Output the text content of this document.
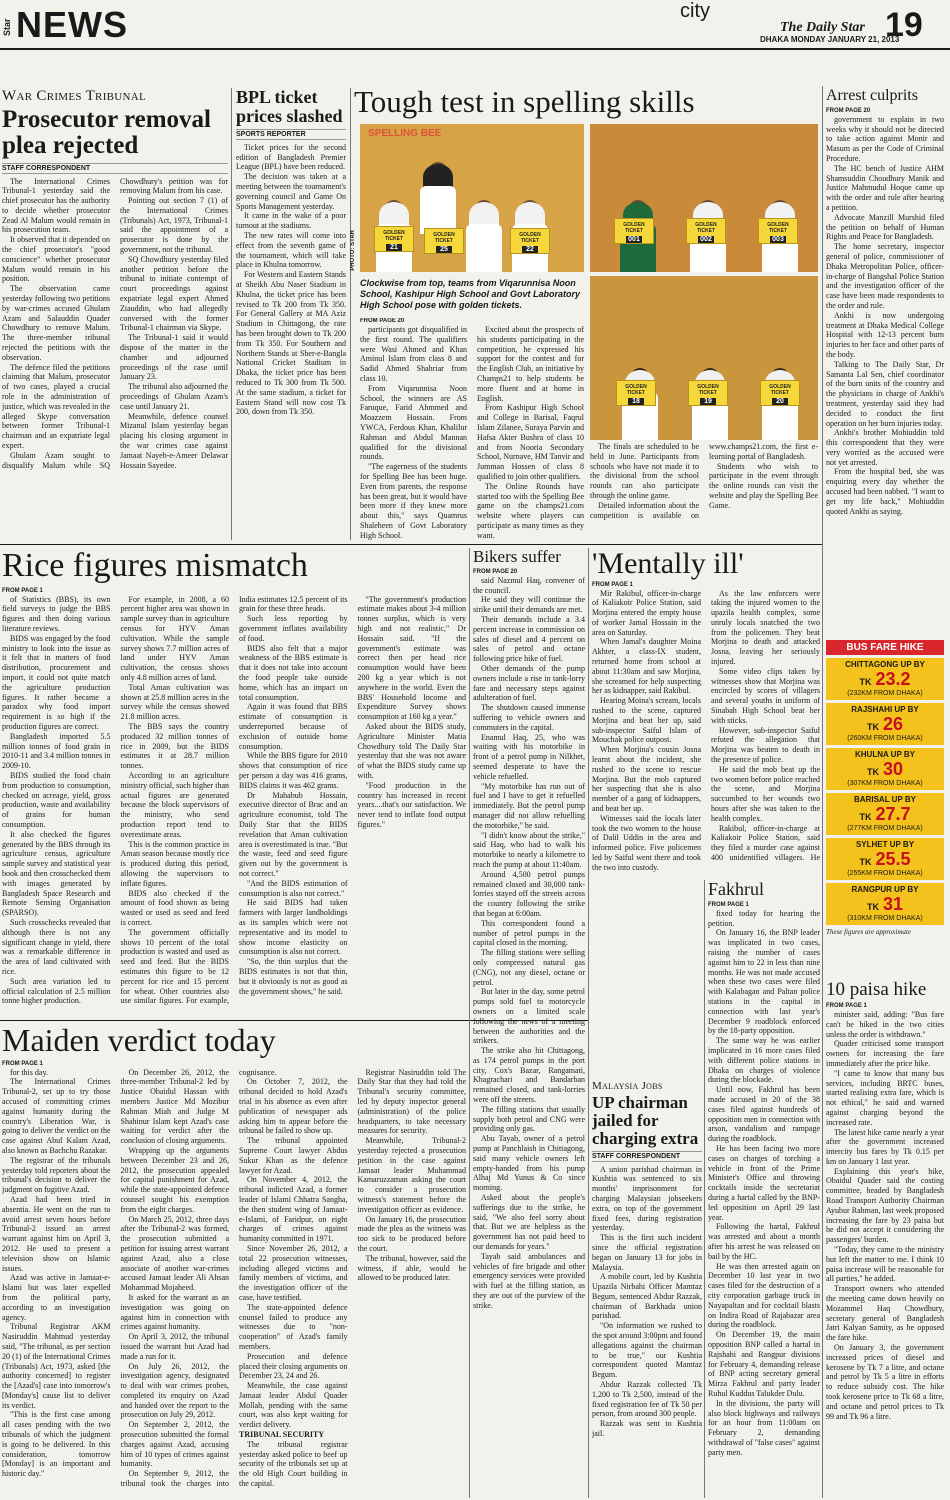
Star NEWS	city
The Daily Star
DHAKA MONDAY JANUARY 21, 2013
19
War Crimes Tribunal
Prosecutor removal plea rejected
STAFF CORRESPONDENT

The International Crimes Tribunal-1 yesterday said the chief prosecutor has the authority to decide whether prosecutor Zead Al Malum would remain in his prosecution team.

It observed that it depended on the chief prosecutor's "good conscience" whether prosecutor Malum would remain in his position.

The observation came yesterday following two petitions by war-crimes accused Ghulam Azam and Salauddin Quader Chowdhury to remove Malum. The three-member tribunal rejected the petitions with the observation.

The defence filed the petitions claiming that Malum, prosecutor of two cases, played a crucial role in the administration of justice, which was revealed in the alleged Skype conversation between former Tribunal-1 chairman and an expatriate legal expert.

Ghulam Azam sought to disqualify Malum while SQ Chowdhury's petition was for removing Malum from his case.

Pointing out section 7 (1) of the International Crimes (Tribunals) Act, 1973, Tribunal-1 said the appointment of a prosecutor is done by the government, not the tribunal.

SQ Chowdhury yesterday filed another petition before the tribunal to initiate contempt of court proceedings against expatriate legal expert Ahmed Ziauddin, who had allegedly conversed with the former Tribunal-1 chairman via Skype.

The Tribunal-1 said it would dispose of the matter in the chamber and adjourned proceedings of the case until January 23.

The tribunal also adjourned the proceedings of Ghulam Azam's case until January 21.

Meanwhile, defence counsel Mizanul Islam yesterday began placing his closing argument in the war crimes case against Jamaat Nayeb-e-Ameer Delawar Hossain Sayedee.

BPL ticket prices slashed
SPORTS REPORTER

Ticket prices for the second edition of Bangladesh Premier League (BPL) have been reduced.

The decision was taken at a meeting between the tournament's governing council and Game On Sports Management yesterday.

It came in the wake of a poor turnout at the stadiums.

The new rates will come into effect from the seventh game of the tournament, which will take place in Khulna tomorrow.

For Western and Eastern Stands at Sheikh Abu Naser Stadium in Khulna, the ticket price has been revised to Tk 200 from Tk 350. For General Gallery at MA Aziz Stadium in Chittagong, the rate has been brought down to Tk 200 from Tk 350. For Southern and Northern Stands at Sher-e-Bangla National Cricket Stadium in Dhaka, the ticket price has been reduced to Tk 300 from Tk 500. At the same stadium, a ticket for Eastern Stand will now cost Tk 200, down from Tk 350.

Tough test in spelling skills
SPELLING BEE
GOLDEN TICKET
21
GOLDEN TICKET
25
GOLDEN TICKET
22
PHOTO: STAR
GOLDEN TICKET
001
GOLDEN TICKET
002
GOLDEN TICKET
003
GOLDEN TICKET
18
GOLDEN TICKET
19
GOLDEN TICKET
20
Clockwise from top, teams from Viqarunnisa Noon School, Kashipur High School and Govt Laboratory High School pose with golden tickets.
FROM PAGE 20

participants got disqualified in the first round. The qualifiers were Wasi Ahmed and Khan Aminul Islam from class 8 and Sadid Ahmed Shahriar from class 10.

From Viqarunnisa Noon School, the winners are AS Faruque, Farid Ahmmed and Moazzem Hossain. From YWCA, Ferdous Khan, Khalilur Rahman and Abdul Mannan qualified for the divisional rounds.

"The eagerness of the students for Spelling Bee has been huge. Even from parents, the response has been great, but it would have been more if they knew more about this," says Quamrus Shaleheen of Govt Laboratory High School.

Excited about the prospects of his students participating in the competition, he expressed his support for the contest and for the English Club, an initiative by Champs21 to help students be more fluent and at home in English.

From Kashipur High School and College in Barisal, Faqrul Islam Zilanee, Suraya Parvin and Hafsa Akter Bushra of class 10 and from Nooria Secondary School, Nurnave, HM Tanvir and Jumman Hossen of class 8 qualified to join other qualifiers.

The Online Rounds have started too with the Spelling Bee game on the champs21.com website where players can participate as many times as they want.

The finals are scheduled to be held in June. Participants from schools who have not made it to the divisional from the school rounds can also participate through the online game.

Detailed information about the competition is available on www.champs21.com, the first e-learning portal of Bangladesh.

Students who wish to participate in the event through the online rounds can visit the website and play the Spelling Bee Game.

Arrest culprits
FROM PAGE 20

government to explain in two weeks why it should not be directed to take action against Monir and Masum as per the Code of Criminal Procedure.

The HC bench of Justice AHM Shamsuddin Choudhury Manik and Justice Mahmudul Hoque came up with the order and rule after hearing a petition.

Advocate Manzill Murshid filed the petition on behalf of Human Rights and Peace for Bangladesh.

The home secretary, inspector general of police, commissioner of Dhaka Metropolitan Police, officer-in-charge of Bangshal Police Station and the investigation officer of the case have been made respondents to the order and rule.

Ankhi is now undergoing treatment at Dhaka Medical College Hospital with 12-13 percent burn injuries to her face and other parts of the body.

Talking to The Daily Star, Dr Samanta Lal Sen, chief coordinator of the burn units of the country and the physicians in charge of Ankhi's treatment, yesterday said they had decided to conduct the first operation on her burn injuries today.

Ankhi's brother Mohiuddin told this correspondent that they were very worried as the accused were not yet arrested.

From the hospital bed, she was enquiring every day whether the accused had been nabbed. "I want to get my life back," Mohiuddin quoted Ankhi as saying.

BUS FARE HIKE
CHITTAGONG UP BY
TK 23.2
(232KM FROM DHAKA)
RAJSHAHI UP BY
TK 26
(260KM FROM DHAKA)
KHULNA UP BY
TK 30
(307KM FROM DHAKA)
BARISAL UP BY
TK 27.7
(277KM FROM DHAKA)
SYLHET UP BY
TK 25.5
(255KM FROM DHAKA)
RANGPUR UP BY
TK 31
(310KM FROM DHAKA)
These figures are approximate
10 paisa hike
FROM PAGE 1

minister said, adding: "Bus fare can't be hiked in the two cities unless the order is withdrawn."

Quader criticised some transport owners for increasing the fare immediately after the price hike.

"I came to know that many bus services, including BRTC buses, started realising extra fare, which is not ethical," he said and warned against charging beyond the increased rate.

The latest hike came nearly a year after the government increased intercity bus fares by Tk 0.15 per km on January 1 last year.

Explaining this year's hike, Obaidul Quader said the costing committee, headed by Bangladesh Road Transport Authority Chairman Ayubur Rahman, last week proposed increasing the fare by 23 paisa but he did not accept it considering the passengers' burden.

"Today, they came to the ministry but left the matter to me. I think 10 paisa increase will be reasonable for all parties," he added.

Transport owners who attended the meeting came down heavily on Mozammel Haq Chowdhury, secretary general of Bangladesh Jatri Kalyan Samity, as he opposed the fare hike.

On January 3, the government increased prices of diesel and kerosene by Tk 7 a litre, and octane and petrol by Tk 5 a litre in efforts to reduce subsidy cost. The hike took kerosene price to Tk 68 a litre, and octane and petrol prices to Tk 99 and Tk 96 a litre.

Rice figures mismatch
FROM PAGE 1

of Statistics (BBS), its own field surveys to judge the BBS figures and then doing various literature reviews.

BIDS was engaged by the food ministry to look into the issue as it felt that in matters of food distribution, procurement and import, it could not quite match the agriculture production figures. It rather became a paradox why food import requirement is so high if the production figures are correct.

Bangladesh imported 5.5 million tonnes of food grain in 2010-11 and 3.4 million tonnes in 2009-10.

BIDS studied the food chain from production to consumption, checked on acreage, yield, gross production, waste and availability of grains for human consumption.

It also checked the figures generated by the BBS through its agriculture census, agriculture sample survey and statistical year book and then crosschecked them with images generated by Bangladesh Space Research and Remote Sensing Organisation (SPARSO).

Such crosschecks revealed that although there is not any significant change in yield, there was a remarkable difference in the area of land cultivated with rice.

Such area variation led to official calculation of 2.5 million tonne higher production.

For example, in 2008, a 60 percent higher area was shown in sample survey than in agriculture census for HYV Aman cultivation. While the sample survey shows 7.7 million acres of land under HYV Aman cultivation, the census shows only 4.8 million acres of land.

Total Aman cultivation was shown at 25.8 million acres in the survey while the census showed 21.8 million acres.

The BBS says the country produced 32 million tonnes of rice in 2009, but the BIDS estimates it at 28.7 million tonnes.

According to an agriculture ministry official, such higher than actual figures are generated because the block supervisors of the ministry, who send production report tend to overestimate areas.

This is the common practice in Aman season because mostly rice is produced during this period, allowing the supervisors to inflate figures.

BIDS also checked if the amount of food shown as being wasted or used as seed and feed is correct.

The government officially shows 10 percent of the total production is wasted and used as seed and feed. But the BIDS estimates this figure to be 12 percent for rice and 15 percent for wheat. Other countries also use similar figures. For example, India estimates 12.5 percent of its grain for these three heads.

Such less reporting by government inflates availability of food.

BIDS also felt that a major weakness of the BBS estimate is that it does not take into account the food people take outside home, which has an impact on total consumption.

Again it was found that BBS estimate of consumption is underreported because of exclusion of outside home consumption.

While the BBS figure for 2010 shows that consumption of rice per person a day was 416 grams, BIDS claims it was 462 grams.

Dr Mahabub Hossain, executive director of Brac and an agriculture economist, told The Daily Star that the BIDS revelation that Aman cultivation area is overestimated is true. "But the waste, feed and seed figure given out by the government is not correct."

"And the BIDS estimation of consumption is also not correct."

He said BIDS had taken farmers with larger landholdings as its samples which were not representative and its model to show income elasticity on consumption is also not correct.

"So, the thin surplus that the BIDS estimates is not that thin, but it obviously is not as good as the government shows," he said.

"The government's production estimate makes about 3-4 million tonnes surplus, which is very high and not realistic," Dr Hossain said. "If the government's estimate was correct then per head rice consumption would have been 200 kg a year which is not anywhere in the world. Even the BBS' Household Income and Expenditure Survey shows consumption at 160 kg a year."

Asked about the BIDS study, Agriculture Minister Matia Chowdhury told The Daily Star yesterday that she was not aware of what the BIDS study came up with.

"Food production in the country has increased in recent years....that's our satisfaction. We never tend to inflate food output figures."

Bikers suffer
FROM PAGE 20

said Nazmul Haq, convener of the council.

He said they will continue the strike until their demands are met.

Their demands include a 3.4 percent increase in commission on sales of diesel and 4 percent on sales of petrol and octane following price hike of fuel.

Other demands of the pump owners include a rise in tank-lorry fare and necessary steps against adulteration of fuel.

The shutdown caused immense suffering to vehicle owners and commuters in the capital.

Enamul Haq, 25, who was waiting with his motorbike in front of a petrol pump in Nilkhet, seemed desperate to have the vehicle refuelled.

"My motorbike has run out of fuel and I have to get it refuelled immediately. But the petrol pump manager did not allow refuelling the motorbike," he said.

"I didn't know about the strike," said Haq, who had to walk his motorbike to nearly a kilometre to reach the pump at about 11:40am.

Around 4,500 petrol pumps remained closed and 30,000 tank-lorries stayed off the streets across the country following the strike that began at 6:00am.

This correspondent found a number of petrol pumps in the capital closed in the morning.

The filling stations were selling only compressed natural gas (CNG), not any diesel, octane or petrol.

But later in the day, some petrol pumps sold fuel to motorcycle owners on a limited scale following the news of a meeting between the authorities and the strikers.

The strike also hit Chittagong, as 174 petrol pumps in the port city, Cox's Bazar, Rangamati, Khagrachari and Bandarban remained closed, and tank-lorries were off the streets.

The filling stations that usually supply both petrol and CNG were providing only gas.

Abu Tayab, owner of a petrol pump at Panchlaish in Chittagong, said many vehicle owners left empty-handed from his pump Alhaj Md Yunus & Co since morning.

Asked about the people's sufferings due to the strike, he said, "We also feel sorry about that. But we are helpless as the government has not paid heed to our demands for years."

Tayab said ambulances and vehicles of fire brigade and other emergency services were provided with fuel at the filling station, as they are out of the purview of the strike.

'Mentally ill'
FROM PAGE 1

Mir Rakibul, officer-in-charge of Kaliakoir Police Station, said Morjina entered the empty house of worker Jamal Hossain in the area on Saturday.

When Jamal's daughter Moina Akhter, a class-IX student, returned home from school at about 11:30am and saw Morjina, she screamed for help suspecting her as kidnapper, said Rakibul.

Hearing Moina's scream, locals rushed to the scene, captured Morjina and beat her up, said sub-inspector Saiful Islam of Mouchak police outpost.

When Morjina's cousin Josna learnt about the incident, she rushed to the scene to rescue Morjina. But the mob captured her suspecting that she is also member of a gang of kidnappers, and beat her up.

Witnesses said the locals later took the two women to the house of Dalil Uddin in the area and informed police. Five policemen led by Saiful went there and took the two into custody.

As the law enforcers were taking the injured women to the upazila health complex, some unruly locals snatched the two from the policemen. They beat Morjina to death and attacked Josna, leaving her seriously injured.

Some video clips taken by witnesses show that Morjina was encircled by scores of villagers and several youths in uniform of Sinabah High School beat her with sticks.

However, sub-inspector Saiful refuted the allegation that Morjina was beaten to death in the presence of police.

He said the mob beat up the two women before police reached the scene, and Morjina succumbed to her wounds two hours after she was taken to the health complex.

Rakibul, officer-in-charge at Kaliakoir Police Station, said they filed a murder case against 400 unidentified villagers. He

Fakhrul
FROM PAGE 1

fixed today for hearing the petition.

On January 16, the BNP leader was implicated in two cases, raising the number of cases against him to 22 in less than nine months. He was not made accused when these two cases were filed with Kalabagan and Paltan police stations in the capital in connection with last year's December 9 roadblock enforced by the 18-party opposition.

The same way he was earlier implicated in 16 more cases filed with different police stations in Dhaka on charges of violence during the blockade.

Until now, Fakhrul has been made accused in 20 of the 38 cases filed against hundreds of opposition men in connection with arson, vandalism and rampage during the roadblock.

He has been facing two more cases on charges of torching a vehicle in front of the Prime Minister's Office and throwing cocktails inside the secretariat during a hartal called by the BNP-led opposition on April 29 last year.

Following the hartal, Fakhrul was arrested and about a month after his arrest he was released on bail by the HC.

He was then arrested again on December 10 last year in two cases filed for the destruction of a city corporation garbage truck in Nayapaltan and for cocktail blasts on Indira Road of Rajabazar area during the roadblock.

On December 19, the main opposition BNP called a hartal in Rajshahi and Rangpur divisions for February 4, demanding release of BNP acting secretary general Mirza Fakhrul and party leader Ruhul Kuddus Talukder Dulu.

In the divisions, the party will also block highways and railways for an hour from 11:00am on February 2, demanding withdrawal of "false cases" against party men.

Malaysia Jobs
UP chairman jailed for charging extra
STAFF CORRESPONDENT

A union parishad chairman in Kushtia was sentenced to six months' imprisonment for charging Malaysian jobseekers extra, on top of the government fixed fees, during registration yesterday.

This is the first such incident since the official registration began on January 13 for jobs in Malaysia.

A mobile court, led by Kushtia Upazila Nirbahi Officer Mamtaz Begum, sentenced Abdur Razzak, chairman of Barkhada union parishad.

"On information we rushed to the spot around 3:00pm and found allegations against the chairman to be true," our Kushtia correspondent quoted Mamtaz Begum.

Abdur Razzak collected Tk 1,200 to Tk 2,500, instead of the fixed registration fee of Tk 50 per person, from around 300 people.

Razzak was sent to Kushtia jail.

Maiden verdict today
FROM PAGE 1

for this day.

The International Crimes Tribunal-2, set up to try those accused of committing crimes against humanity during the country's Liberation War, is going to deliver the verdict on the case against Abul Kalam Azad, also known as Bachchu Razakar.

The registrar of the tribunals yesterday told reporters about the tribunal's decision to deliver the judgment on fugitive Azad.

Azad had been tried in absentia. He went on the run to avoid arrest seven hours before Tribunal-2 issued an arrest warrant against him on April 3, 2012. He used to present a television show on Islamic issues.

Azad was active in Jamaat-e-Islami but was later expelled from the political party, according to an investigation agency.

Tribunal Registrar AKM Nasiruddin Mahmud yesterday said, "The tribunal, as per section 20 (1) of the International Crimes (Tribunals) Act, 1973, asked [the authority concerned] to register the [Azad's] case into tomorrow's [Monday's] cause list to deliver its verdict.

"This is the first case among all cases pending with the two tribunals of which the judgment is going to be delivered. In this consideration, tomorrow [Monday] is an important and historic day."

On December 26, 2012, the three-member Tribunal-2 led by Justice Obaidul Hassan with members Justice Md Mozibur Rahman Miah and Judge M Shahinur Islam kept Azad's case waiting for verdict after the conclusion of closing arguments.

Wrapping up the arguments between December 23 and 26, 2012, the prosecution appealed for capital punishment for Azad, while the state-appointed defence counsel sought his exemption from the eight charges.

On March 25, 2012, three days after the Tribunal-2 was formed, the prosecution submitted a petition for issuing arrest warrant against Azad, also a close associate of another war-crimes accused Jamaat leader Ali Ahsan Mohammad Mojaheed.

It asked for the warrant as an investigation was going on against him in connection with crimes against humanity.

On April 3, 2012, the tribunal issued the warrant but Azad had made a run for it.

On July 26, 2012, the investigation agency, designated to deal with war crimes probes, completed its enquiry on Azad and handed over the report to the prosecution on July 29, 2012.

On September 2, 2012, the prosecution submitted the formal charges against Azad, accusing him of 10 types of crimes against humanity.

On September 9, 2012, the tribunal took the charges into cognisance.

On October 7, 2012, the tribunal decided to hold Azad's trial in his absence as even after publication of newspaper ads asking him to appear before the tribunal he failed to show up.

The tribunal appointed Supreme Court lawyer Abdus Sukur Khan as the defence lawyer for Azad.

On November 4, 2012, the tribunal indicted Azad, a former leader of Islami Chhatra Sangha, the then student wing of Jamaat-e-Islami, of Faridpur, on eight charges of crimes against humanity committed in 1971.

Since November 26, 2012, a total 22 prosecution witnesses, including alleged victims and family members of victims, and the investigation officer of the case, have testified.

The state-appointed defence counsel failed to produce any witnesses due to "non-cooperation" of Azad's family members.

Prosecution and defence placed their closing arguments on December 23, 24 and 26.

Meanwhile, the case against Jamaat leader Abdul Quader Mollah, pending with the same court, was also kept waiting for verdict delivery.

TRIBUNAL SECURITY

The tribunal registrar yesterday asked police to beef up security of the tribunals set up at the old High Court building in the capital.

Registrar Nasiruddin told The Daily Star that they had told the Tribunal's security committee, led by deputy inspector general (administration) of the police headquarters, to take necessary measures for security.

Meanwhile, Tribunal-2 yesterday rejected a prosecution petition in the case against Jamaat leader Muhammad Kamaruzzaman asking the court to consider a prosecution witness's statement before the investigation officer as evidence.

On January 16, the prosecution made the plea as the witness was too sick to be produced before the court.

The tribunal, however, said the witness, if able, would be allowed to be produced later.
